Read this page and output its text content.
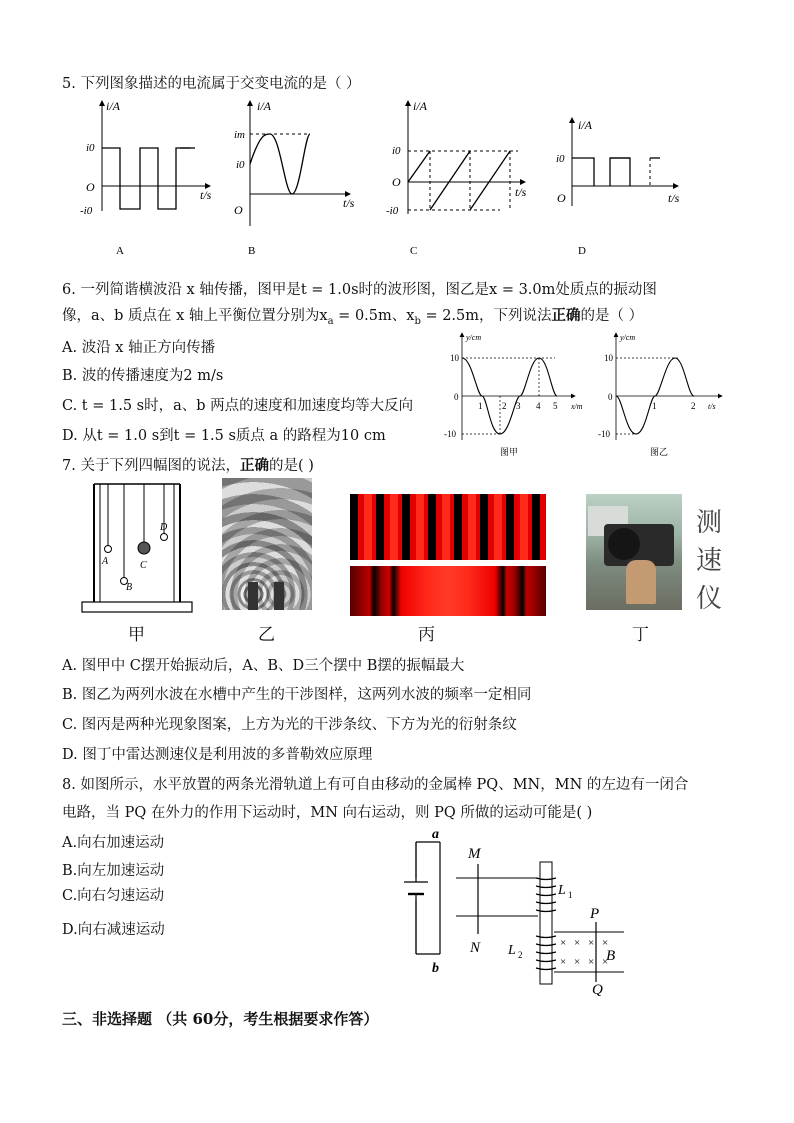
5. 下列图象描述的电流属于交变电流的是（ ）
i/A
t/s
O
i0
-i0
A
i/A
t/s
O
im
i0
B
i/A
t/s
O
i0
-i0
C
i/A
t/s
O
i0
D
6. 一列简谐横波沿 x 轴传播，图甲是t = 1.0s时的波形图，图乙是x = 3.0m处质点的振动图
像，a、b 质点在 x 轴上平衡位置分别为$x_a = 0.5m$、$x_b = 2.5m$，下列说法正确的是（ ）
A. 波沿 x 轴正方向传播
B. 波的传播速度为2 m/s
C. t = 1.5 s时，a、b 两点的速度和加速度均等大反向
D. 从t = 1.0 s到t = 1.5 s质点 a 的路程为10 cm
y/cm
x/m
10
0
-10
1 2 3 4 5
图甲
y/cm
t/s
10
0
-10
1	2
图乙
7. 关于下列四幅图的说法，正确的是( )
A
B
C
D	测
速
仪
甲	乙	丙	丁
A. 图甲中 C摆开始振动后，A、B、D三个摆中 B摆的振幅最大
B. 图乙为两列水波在水槽中产生的干涉图样，这两列水波的频率一定相同
C. 图丙是两种光现象图案，上方为光的干涉条纹、下方为光的衍射条纹
D. 图丁中雷达测速仪是利用波的多普勒效应原理
8. 如图所示，水平放置的两条光滑轨道上有可自由移动的金属棒 PQ、MN，MN 的左边有一闭合
电路，当 PQ 在外力的作用下运动时，MN 向右运动，则 PQ 所做的运动可能是( )
A.向右加速运动
B.向左加速运动
C.向右匀速运动
D.向右减速运动
a
b
M
N
L 1
L 2
P
Q
× × × ×
× × × ×
B
三、非选择题 （共 60分，考生根据要求作答）
